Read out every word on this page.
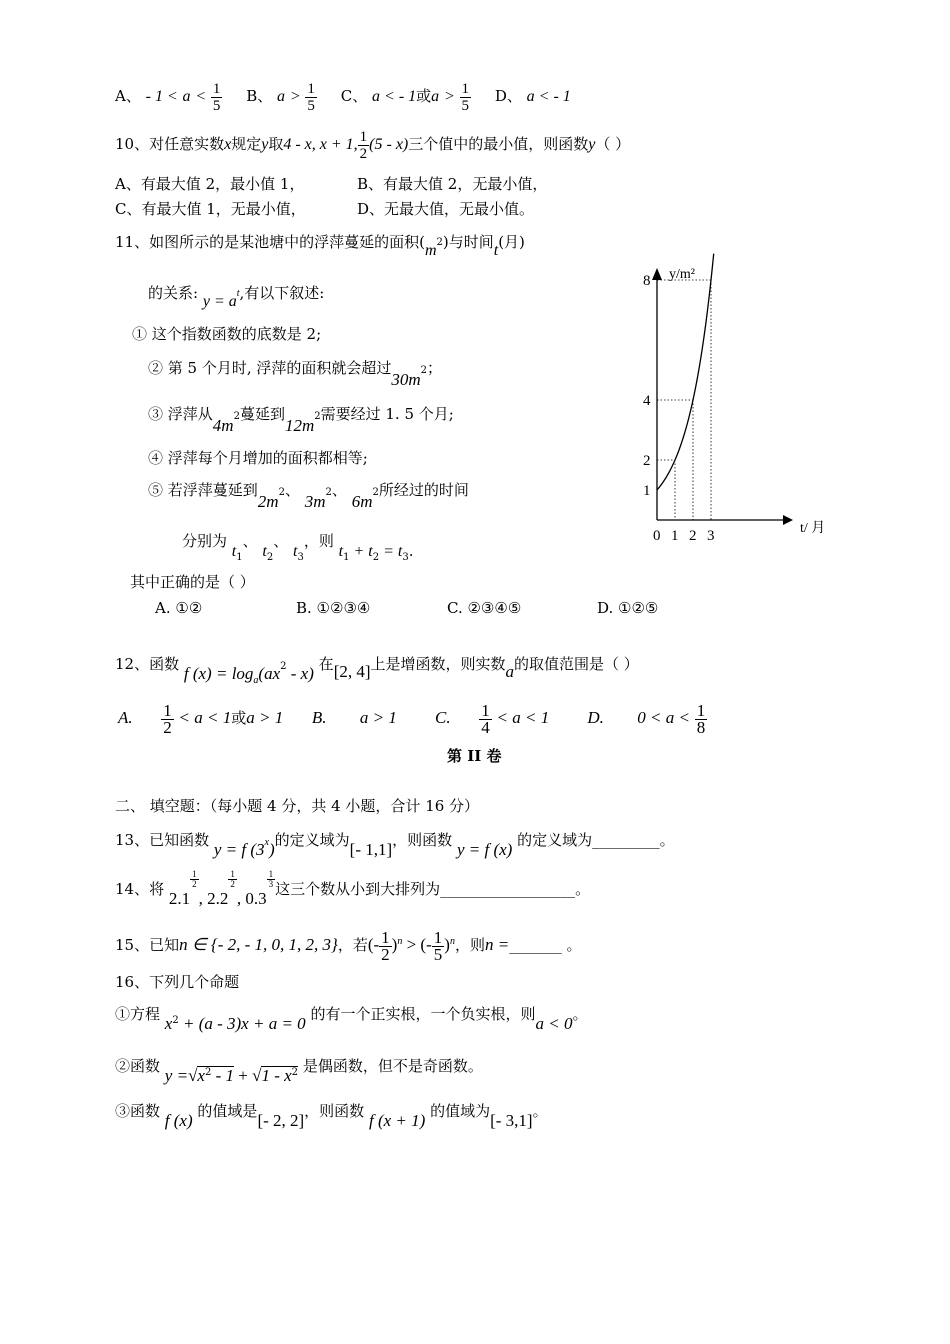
A、 - $1 < a < \frac{1}{5}$ B、 $a > \frac{1}{5}$ C、 a < - 1或$a > \frac{1}{5}$ D、 a < - 1
10、对任意实数x规定y取4 - x, x + 1, $\frac{1}{2} (5 - x)$三个值中的最小值，则函数y（ ）
A、有最大值 2，最小值 1，	B、有最大值 2，无最小值，
C、有最大值 1，无最小值，	D、无最大值，无最小值。
11、如图所示的是某池塘中的浮萍蔓延的面积$(m^2)$与时间t(月)
的关系: $y = a^t$,有以下叙述:
① 这个指数函数的底数是 2;
② 第 5 个月时, 浮萍的面积就会超过$30m^2$；
③ 浮萍从$4m^2$蔓延到$12m^2$需要经过 1. 5 个月;
④ 浮萍每个月增加的面积都相等;
⑤ 若浮萍蔓延到$2m^2$、 $3m^2$、 $6m^2$所经过的时间
分别为 $t_1$、 $t_2$、 $t_3$，则 $t_1 + t_2 = t_3$.
其中正确的是（ ）
A. ①②	B. ①②③④	C. ②③④⑤	D. ①②⑤
y/m²
t/ 月
0 1 2 3
1
2
4
8
12、函数 f $(x) = \log_a(ax^2 - x)$ 在[2, 4]上是增函数，则实数a的取值范围是（ ）
A. $\frac{1}{2} < a < 1$或a > 1 B. a > 1 C. $\frac{1}{4} < a < 1$ D. $0 < a < \frac{1}{8}$
第 II 卷
二、 填空题：（每小题 4 分，共 4 小题，合计 16 分）
13、已知函数 y = f (3$^x$)的定义域为[- 1,1]，则函数 y = f (x) 的定义域为_________。
14、将 2.1
$\frac{1}{2}$
, 2.2
$\frac{1}{2}$
, 0.3
$\frac{1}{3}$ 这三个数从小到大排列为__________________。
15、已知n ∈ {- 2, - 1, 0, 1, 2, 3}，若(- $\frac{1}{2} )^n$ > (- $\frac{1}{5} )^n$，则n =_______ 。
16、下列几个命题
①方程 $x^2 + (a - 3)x + a = 0$ 的有一个正实根，一个负实根，则a < 0。
②函数 $y =√x^2 - 1 + √1 - x^2$ 是偶函数，但不是奇函数。
③函数 f (x) 的值域是[- 2, 2]，则函数 f (x + 1) 的值域为[- 3,1]。
